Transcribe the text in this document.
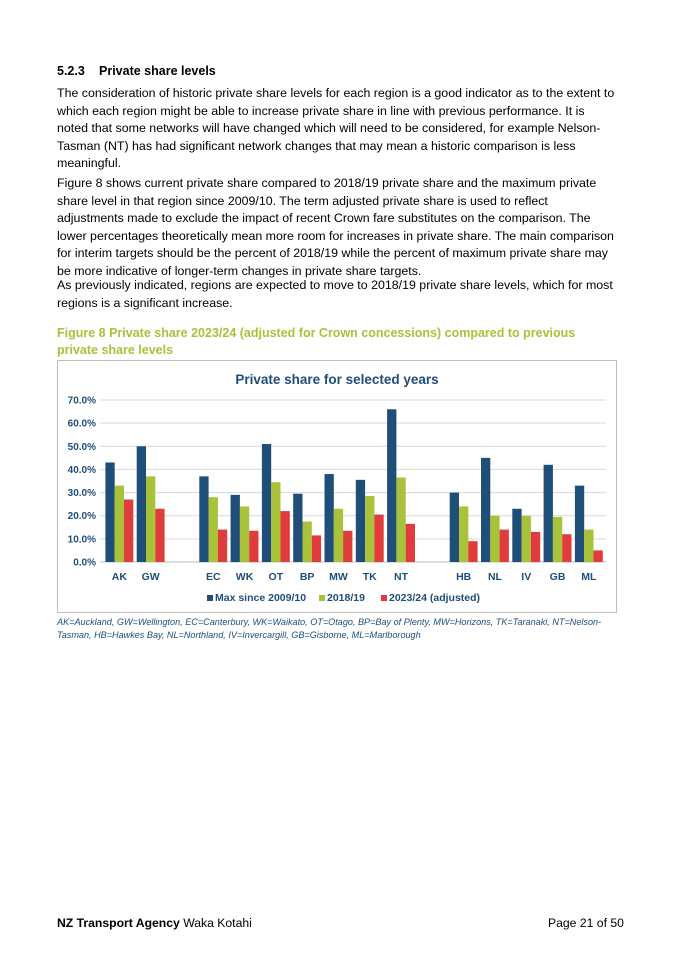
5.2.3 Private share levels

The consideration of historic private share levels for each region is a good indicator as to the extent to which each region might be able to increase private share in line with previous performance. It is noted that some networks will have changed which will need to be considered, for example Nelson-Tasman (NT) has had significant network changes that may mean a historic comparison is less meaningful.

Figure 8 shows current private share compared to 2018/19 private share and the maximum private share level in that region since 2009/10. The term adjusted private share is used to reflect adjustments made to exclude the impact of recent Crown fare substitutes on the comparison. The lower percentages theoretically mean more room for increases in private share. The main comparison for interim targets should be the percent of 2018/19 while the percent of maximum private share may be more indicative of longer-term changes in private share targets.

As previously indicated, regions are expected to move to 2018/19 private share levels, which for most regions is a significant increase.

Figure 8 Private share 2023/24 (adjusted for Crown concessions) compared to previous private share levels
Private share for selected years
0.0%
10.0%
20.0%
30.0%
40.0%
50.0%
60.0%
70.0%
AK GW	EC WK OT BP MW TK NT	HB NL IV GB ML
Max since 2009/10 2018/19 2023/24 (adjusted)
AK=Auckland, GW=Wellington, EC=Canterbury, WK=Waikato, OT=Otago, BP=Bay of Plenty, MW=Horizons, TK=Taranaki, NT=Nelson-Tasman, HB=Hawkes Bay, NL=Northland, IV=Invercargill, GB=Gisborne, ML=Marlborough
NZ Transport Agency Waka Kotahi	Page 21 of 50
